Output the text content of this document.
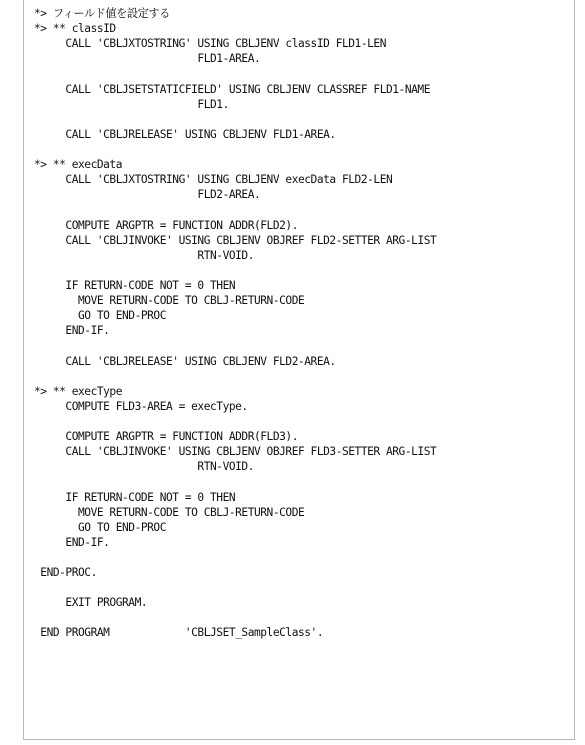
*> フィールド値を設定する
*> ** classID
CALL 'CBLJXTOSTRING' USING CBLJENV classID FLD1-LEN
FLD1-AREA.
CALL 'CBLJSETSTATICFIELD' USING CBLJENV CLASSREF FLD1-NAME
FLD1.
CALL 'CBLJRELEASE' USING CBLJENV FLD1-AREA.
*> ** execData
CALL 'CBLJXTOSTRING' USING CBLJENV execData FLD2-LEN
FLD2-AREA.
COMPUTE ARGPTR = FUNCTION ADDR(FLD2).
CALL 'CBLJINVOKE' USING CBLJENV OBJREF FLD2-SETTER ARG-LIST
RTN-VOID.
IF RETURN-CODE NOT = 0 THEN
MOVE RETURN-CODE TO CBLJ-RETURN-CODE
GO TO END-PROC
END-IF.
CALL 'CBLJRELEASE' USING CBLJENV FLD2-AREA.
*> ** execType
COMPUTE FLD3-AREA = execType.
COMPUTE ARGPTR = FUNCTION ADDR(FLD3).
CALL 'CBLJINVOKE' USING CBLJENV OBJREF FLD3-SETTER ARG-LIST
RTN-VOID.
IF RETURN-CODE NOT = 0 THEN
MOVE RETURN-CODE TO CBLJ-RETURN-CODE
GO TO END-PROC
END-IF.
END-PROC.
EXIT PROGRAM.
END PROGRAM            'CBLJSET_SampleClass'.
